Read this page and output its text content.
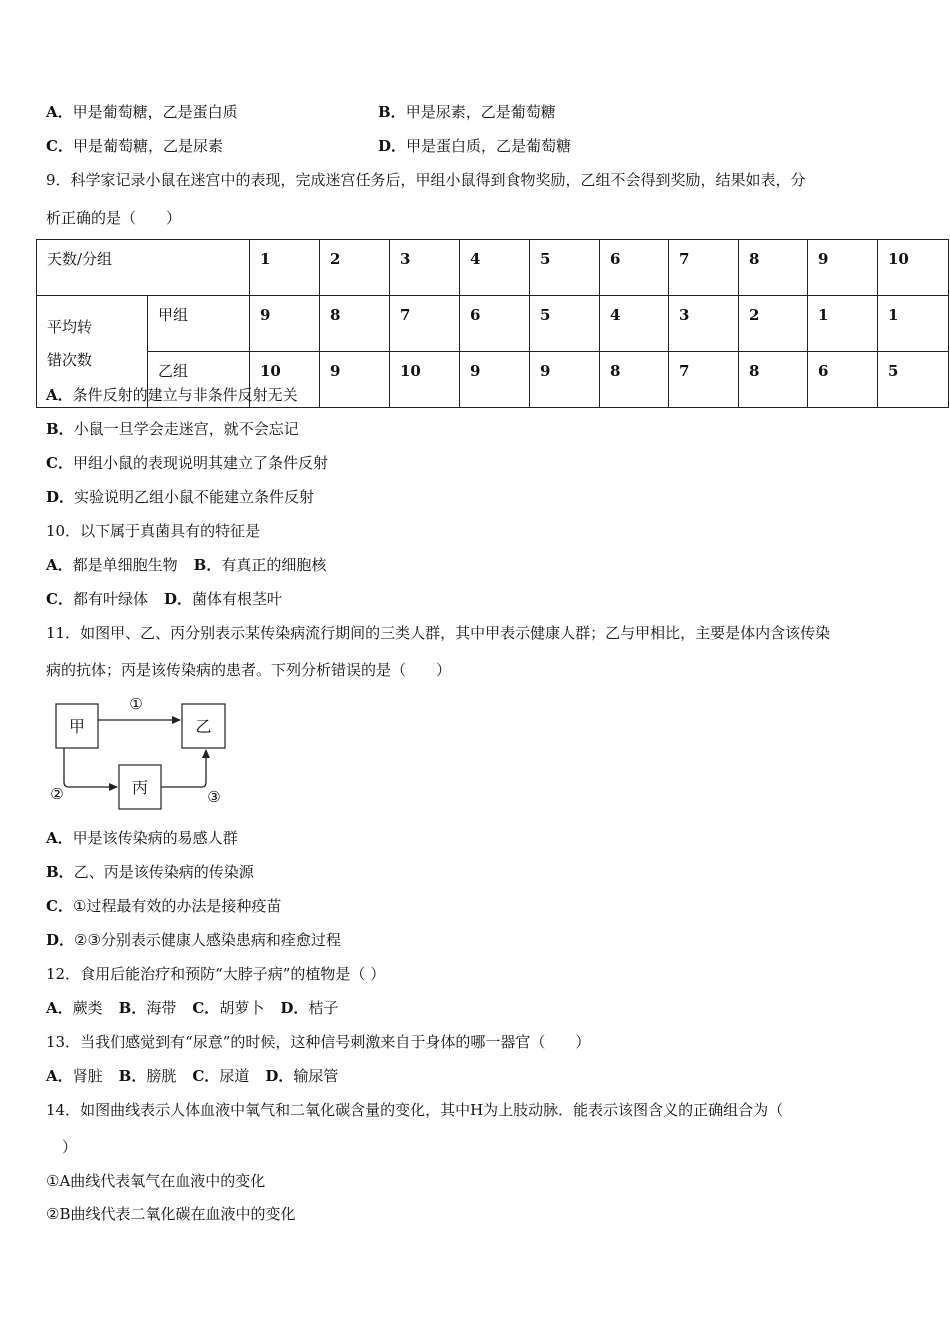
A．甲是葡萄糖，乙是蛋白质	B．甲是尿素，乙是葡萄糖
C．甲是葡萄糖，乙是尿素	D．甲是蛋白质，乙是葡萄糖
9．科学家记录小鼠在迷宫中的表现，完成迷宫任务后，甲组小鼠得到食物奖励，乙组不会得到奖励，结果如表，分
析正确的是（　　）
天数/分组		1	2	3	4	5	6	7	8	9	10
平均转
错次数	甲组	9	8	7	6	5	4	3	2	1	1
	乙组	10	9	10	9	9	8	7	8	6	5
A．条件反射的建立与非条件反射无关
B．小鼠一旦学会走迷宫，就不会忘记
C．甲组小鼠的表现说明其建立了条件反射
D．实验说明乙组小鼠不能建立条件反射
10．以下属于真菌具有的特征是
A．都是单细胞生物 B．有真正的细胞核
C．都有叶绿体 D．菌体有根茎叶
11．如图甲、乙、丙分别表示某传染病流行期间的三类人群，其中甲表示健康人群；乙与甲相比，主要是体内含该传染
病的抗体；丙是该传染病的患者。下列分析错误的是（　　）
甲	乙
丙
①
②	③
A．甲是该传染病的易感人群
B．乙、丙是该传染病的传染源
C．①过程最有效的办法是接种疫苗
D．②③分别表示健康人感染患病和痊愈过程
12．食用后能治疗和预防“大脖子病”的植物是（ ）
A．蕨类 B．海带 C．胡萝卜 D．桔子
13．当我们感觉到有“尿意”的时候，这种信号刺激来自于身体的哪一器官（　　）
A．肾脏 B．膀胱 C．尿道 D．输尿管
14．如图曲线表示人体血液中氧气和二氧化碳含量的变化，其中H为上肢动脉．能表示该图含义的正确组合为（
）
①A曲线代表氧气在血液中的变化
②B曲线代表二氧化碳在血液中的变化
